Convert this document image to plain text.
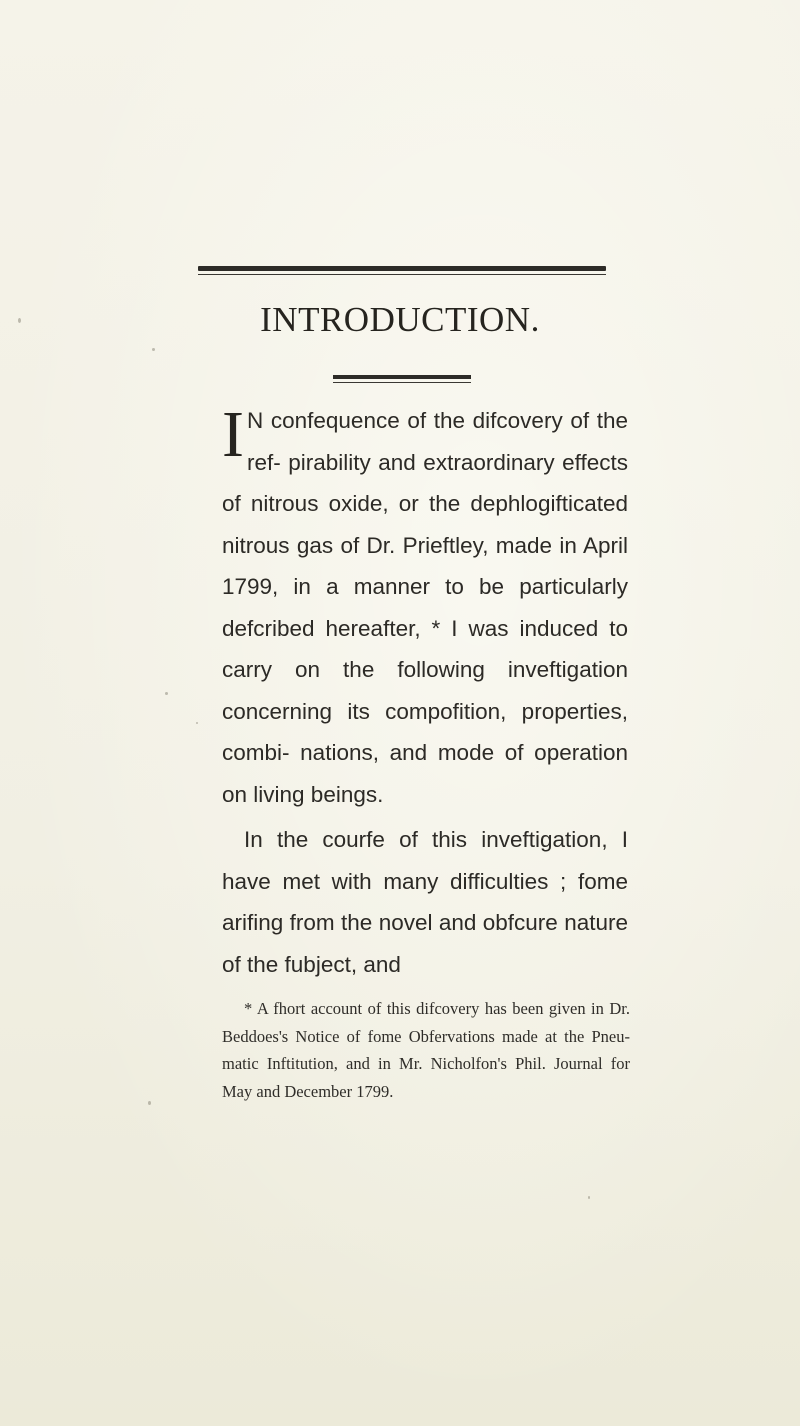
INTRODUCTION.

I N confequence of the difcovery of the ref- pirability and extraordinary effects of nitrous oxide, or the dephlogifticated nitrous gas of Dr. Prieftley, made in April 1799, in a manner to be particularly defcribed hereafter, * I was induced to carry on the following inveftigation concerning its compofition, properties, combi- nations, and mode of operation on living beings.

In the courfe of this inveftigation, I have met with many difficulties ; fome arifing from the novel and obfcure nature of the fubject, and

* A fhort account of this difcovery has been given in Dr. Beddoes's Notice of fome Obfervations made at the Pneu- matic Inftitution, and in Mr. Nicholfon's Phil. Journal for May and December 1799.
